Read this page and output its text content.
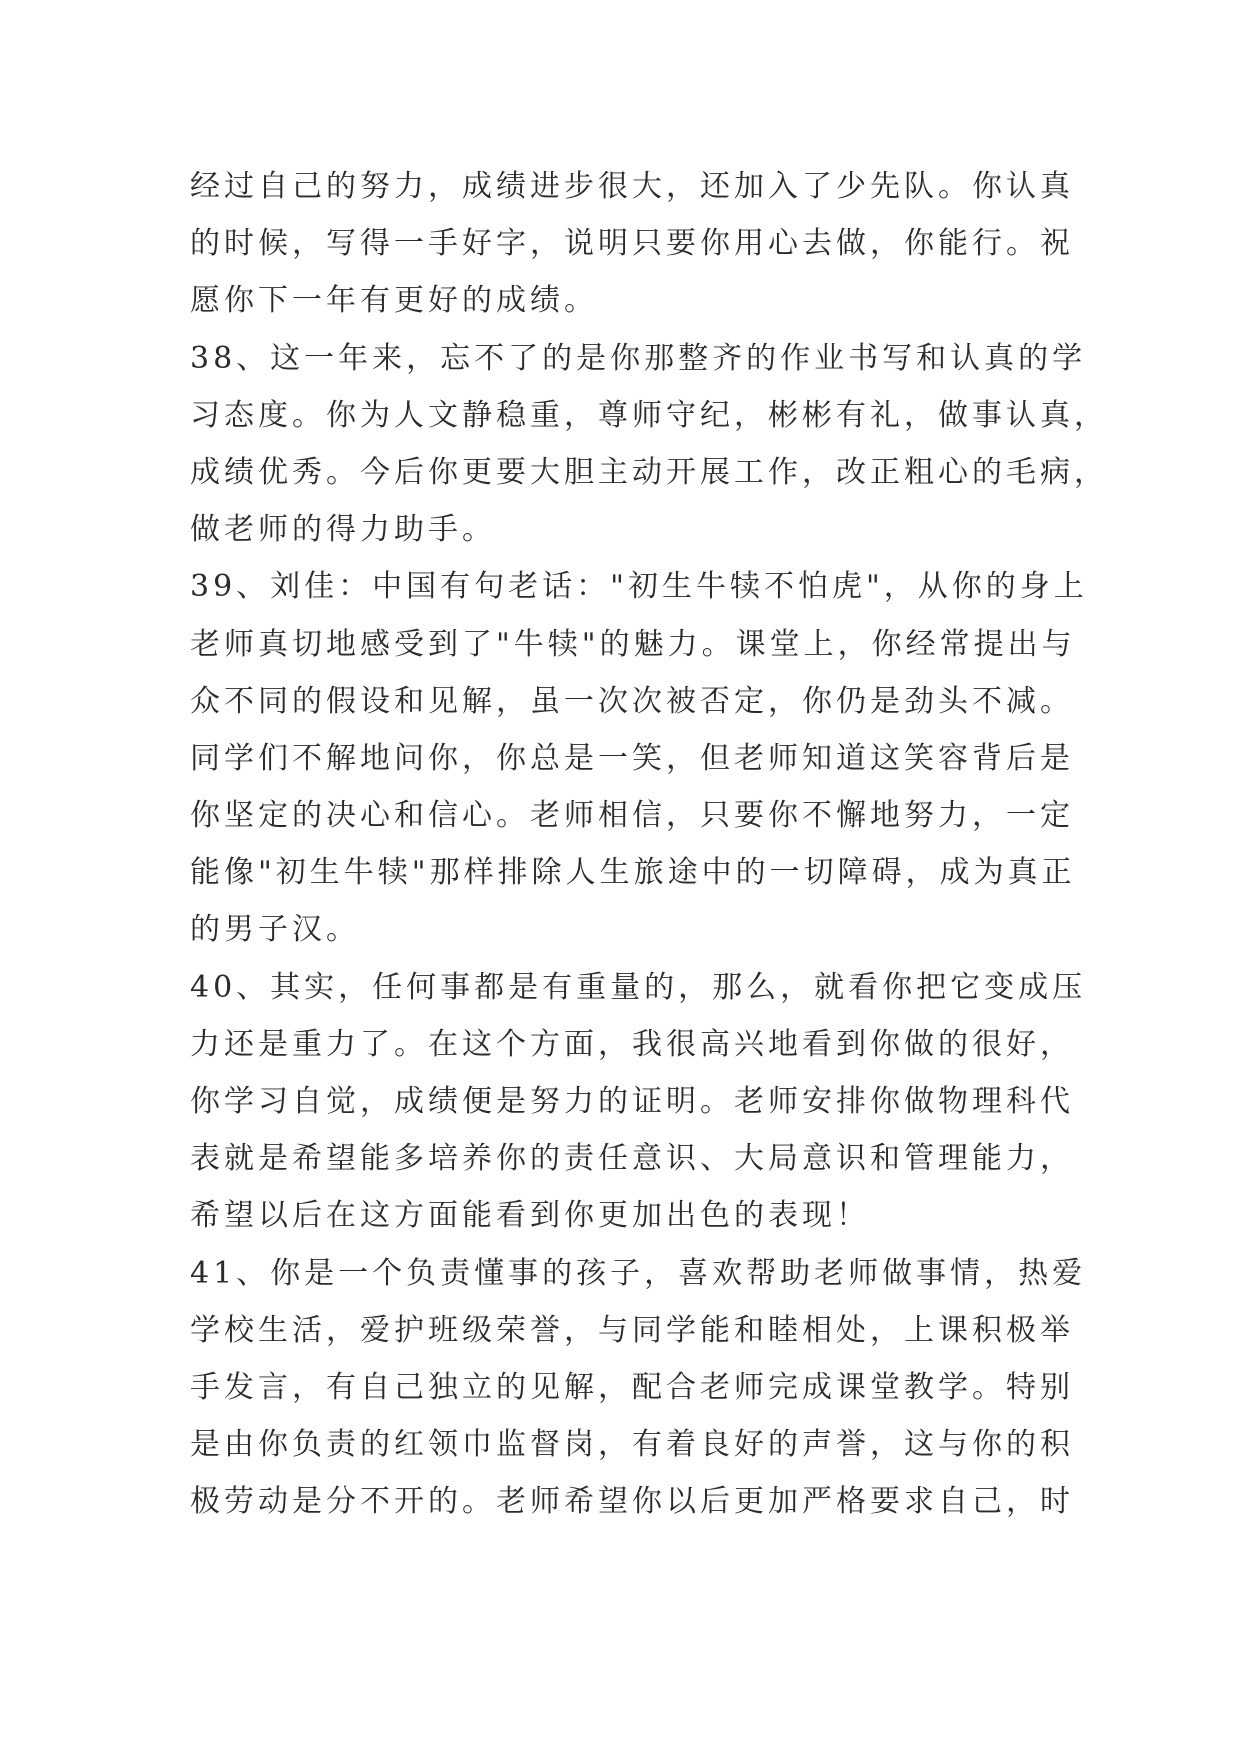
经过自己的努力，成绩进步很大，还加入了少先队。你认真
的时候，写得一手好字，说明只要你用心去做，你能行。祝
愿你下一年有更好的成绩。
38、这一年来，忘不了的是你那整齐的作业书写和认真的学
习态度。你为人文静稳重，尊师守纪，彬彬有礼，做事认真，
成绩优秀。今后你更要大胆主动开展工作，改正粗心的毛病，
做老师的得力助手。
39、刘佳：中国有句老话："初生牛犊不怕虎"，从你的身上
老师真切地感受到了"牛犊"的魅力。课堂上，你经常提出与
众不同的假设和见解，虽一次次被否定，你仍是劲头不减。
同学们不解地问你，你总是一笑，但老师知道这笑容背后是
你坚定的决心和信心。老师相信，只要你不懈地努力，一定
能像"初生牛犊"那样排除人生旅途中的一切障碍，成为真正
的男子汉。
40、其实，任何事都是有重量的，那么，就看你把它变成压
力还是重力了。在这个方面，我很高兴地看到你做的很好，
你学习自觉，成绩便是努力的证明。老师安排你做物理科代
表就是希望能多培养你的责任意识、大局意识和管理能力，
希望以后在这方面能看到你更加出色的表现！
41、你是一个负责懂事的孩子，喜欢帮助老师做事情，热爱
学校生活，爱护班级荣誉，与同学能和睦相处，上课积极举
手发言，有自己独立的见解，配合老师完成课堂教学。特别
是由你负责的红领巾监督岗，有着良好的声誉，这与你的积
极劳动是分不开的。老师希望你以后更加严格要求自己，时
